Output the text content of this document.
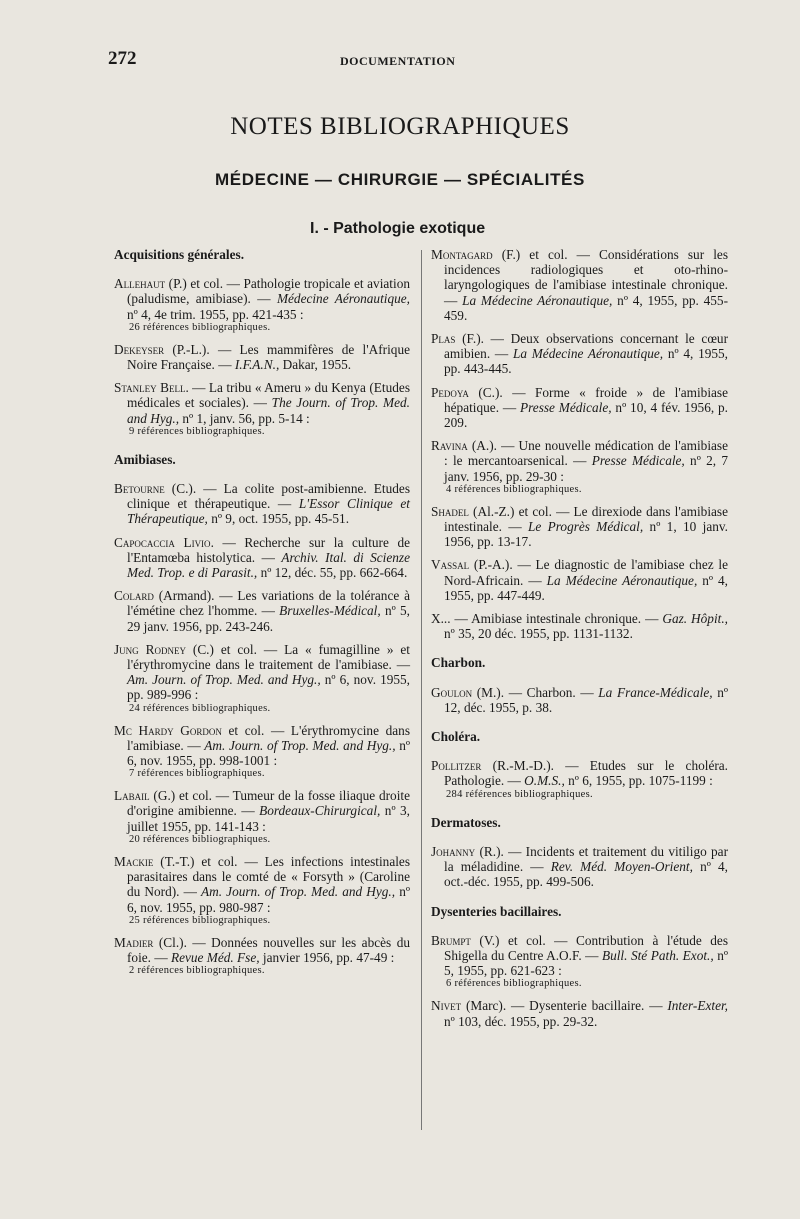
272	DOCUMENTATION
NOTES BIBLIOGRAPHIQUES
MÉDECINE — CHIRURGIE — SPÉCIALITÉS
I. - Pathologie exotique
Acquisitions générales.
Allehaut (P.) et col. — Pathologie tropicale et aviation (paludisme, amibiase). — Médecine Aéronautique, nº 4, 4e trim. 1955, pp. 421-435 :
26 références bibliographiques.
Dekeyser (P.-L.). — Les mammifères de l'Afrique Noire Française. — I.F.A.N., Dakar, 1955.
Stanley Bell. — La tribu « Ameru » du Kenya (Etudes médicales et sociales). — The Journ. of Trop. Med. and Hyg., nº 1, janv. 56, pp. 5-14 :
9 références bibliographiques.
Amibiases.
Betourne (C.). — La colite post-amibienne. Etudes clinique et thérapeutique. — L'Essor Clinique et Thérapeutique, nº 9, oct. 1955, pp. 45-51.
Capocaccia Livio. — Recherche sur la culture de l'Entamœba histolytica. — Archiv. Ital. di Scienze Med. Trop. e di Parasit., nº 12, déc. 55, pp. 662-664.
Colard (Armand). — Les variations de la tolérance à l'émétine chez l'homme. — Bruxelles-Médical, nº 5, 29 janv. 1956, pp. 243-246.
Jung Rodney (C.) et col. — La « fumagilline » et l'érythromycine dans le traitement de l'amibiase. — Am. Journ. of Trop. Med. and Hyg., nº 6, nov. 1955, pp. 989-996 :
24 références bibliographiques.
Mc Hardy Gordon et col. — L'érythromycine dans l'amibiase. — Am. Journ. of Trop. Med. and Hyg., nº 6, nov. 1955, pp. 998-1001 :
7 références bibliographiques.
Labail (G.) et col. — Tumeur de la fosse iliaque droite d'origine amibienne. — Bordeaux-Chirurgical, nº 3, juillet 1955, pp. 141-143 :
20 références bibliographiques.
Mackie (T.-T.) et col. — Les infections intestinales parasitaires dans le comté de « Forsyth » (Caroline du Nord). — Am. Journ. of Trop. Med. and Hyg., nº 6, nov. 1955, pp. 980-987 :
25 références bibliographiques.
Madier (Cl.). — Données nouvelles sur les abcès du foie. — Revue Méd. Fse, janvier 1956, pp. 47-49 :
2 références bibliographiques.
Montagard (F.) et col. — Considérations sur les incidences radiologiques et oto-rhino-laryngologiques de l'amibiase intestinale chronique. — La Médecine Aéronautique, nº 4, 1955, pp. 455-459.
Plas (F.). — Deux observations concernant le cœur amibien. — La Médecine Aéronautique, nº 4, 1955, pp. 443-445.
Pedoya (C.). — Forme « froide » de l'amibiase hépatique. — Presse Médicale, nº 10, 4 fév. 1956, p. 209.
Ravina (A.). — Une nouvelle médication de l'amibiase : le mercantoarsenical. — Presse Médicale, nº 2, 7 janv. 1956, pp. 29-30 :
4 références bibliographiques.
Shadel (Al.-Z.) et col. — Le direxiode dans l'amibiase intestinale. — Le Progrès Médical, nº 1, 10 janv. 1956, pp. 13-17.
Vassal (P.-A.). — Le diagnostic de l'amibiase chez le Nord-Africain. — La Médecine Aéronautique, nº 4, 1955, pp. 447-449.
X... — Amibiase intestinale chronique. — Gaz. Hôpit., nº 35, 20 déc. 1955, pp. 1131-1132.
Charbon.
Goulon (M.). — Charbon. — La France-Médicale, nº 12, déc. 1955, p. 38.
Choléra.
Pollitzer (R.-M.-D.). — Etudes sur le choléra. Pathologie. — O.M.S., nº 6, 1955, pp. 1075-1199 :
284 références bibliographiques.
Dermatoses.
Johanny (R.). — Incidents et traitement du vitiligo par la méladidine. — Rev. Méd. Moyen-Orient, nº 4, oct.-déc. 1955, pp. 499-506.
Dysenteries bacillaires.
Brumpt (V.) et col. — Contribution à l'étude des Shigella du Centre A.O.F. — Bull. Sté Path. Exot., nº 5, 1955, pp. 621-623 :
6 références bibliographiques.
Nivet (Marc). — Dysenterie bacillaire. — Inter-Exter, nº 103, déc. 1955, pp. 29-32.
